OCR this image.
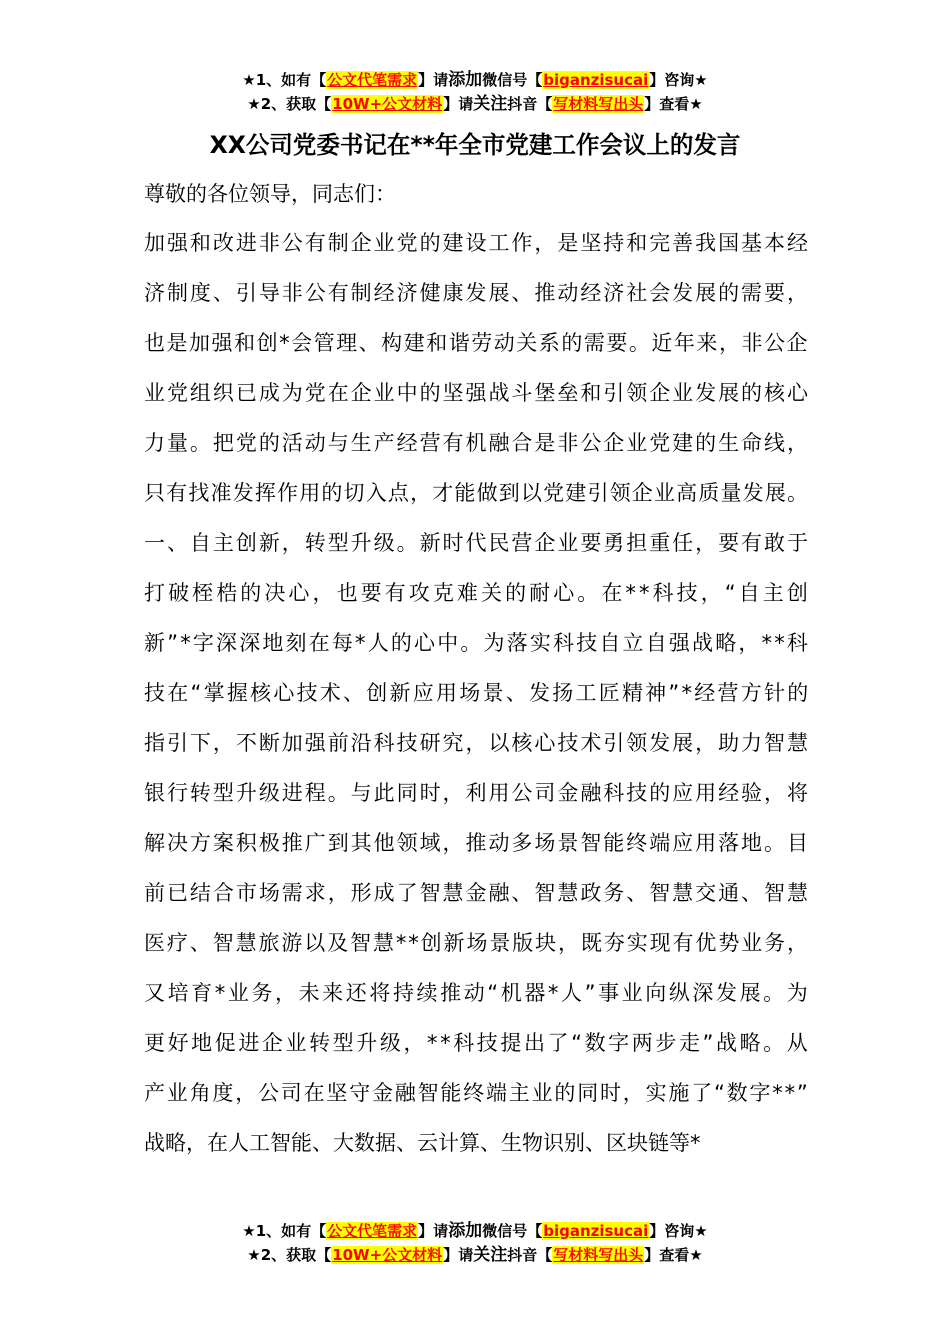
★1、如有【公文代笔需求】请添加微信号【biganzisucai】咨询★
★2、获取【10W+公文材料】请关注抖音【写材料写出头】查看★
XX公司党委书记在**年全市党建工作会议上的发言
尊敬的各位领导，同志们：
加强和改进非公有制企业党的建设工作，是坚持和完善我国基本经
济制度、引导非公有制经济健康发展、推动经济社会发展的需要，
也是加强和创*会管理、构建和谐劳动关系的需要。近年来，非公企
业党组织已成为党在企业中的坚强战斗堡垒和引领企业发展的核心
力量。把党的活动与生产经营有机融合是非公企业党建的生命线，
只有找准发挥作用的切入点，才能做到以党建引领企业高质量发展。
一、自主创新，转型升级。新时代民营企业要勇担重任，要有敢于
打破桎梏的决心，也要有攻克难关的耐心。在**科技，“自主创
新”*字深深地刻在每*人的心中。为落实科技自立自强战略，**科
技在“掌握核心技术、创新应用场景、发扬工匠精神”*经营方针的
指引下，不断加强前沿科技研究，以核心技术引领发展，助力智慧
银行转型升级进程。与此同时，利用公司金融科技的应用经验，将
解决方案积极推广到其他领域，推动多场景智能终端应用落地。目
前已结合市场需求，形成了智慧金融、智慧政务、智慧交通、智慧
医疗、智慧旅游以及智慧**创新场景版块，既夯实现有优势业务，
又培育*业务，未来还将持续推动“机器*人”事业向纵深发展。为
更好地促进企业转型升级，**科技提出了“数字两步走”战略。从
产业角度，公司在坚守金融智能终端主业的同时，实施了“数字**”
战略，在人工智能、大数据、云计算、生物识别、区块链等*
★1、如有【公文代笔需求】请添加微信号【biganzisucai】咨询★
★2、获取【10W+公文材料】请关注抖音【写材料写出头】查看★
